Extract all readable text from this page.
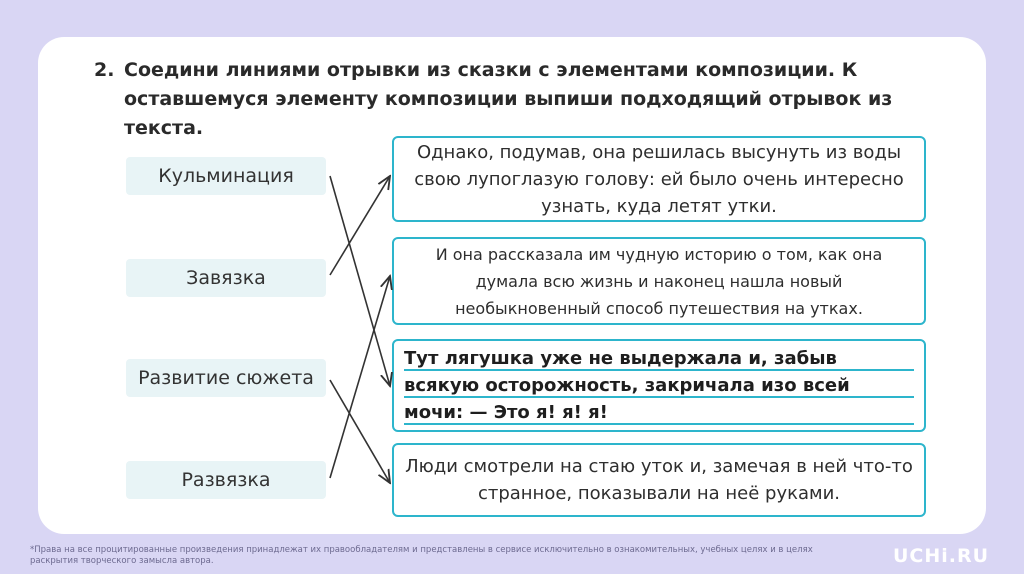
2. Соедини линиями отрывки из сказки с элементами композиции. К оставшемуся элементу композиции выпиши подходящий отрывок из текста.
Кульминация
Завязка
Развитие сюжета
Развязка
Однако, подумав, она решилась высунуть из воды свою лупоглазую голову: ей было очень интересно узнать, куда летят утки.
И она рассказала им чудную историю о том, как она думала всю жизнь и наконец нашла новый необыкновенный способ путешествия на утках.
Тут лягушка уже не выдержала и, забыв всякую осторожность, закричала изо всей мочи: — Это я! я! я!
Люди смотрели на стаю уток и, замечая в ней что-то странное, показывали на неё руками.
*Права на все процитированные произведения принадлежат их правообладателям и представлены в сервисе исключительно в ознакомительных, учебных целях и в целях раскрытия творческого замысла автора.	UCHi.RU
